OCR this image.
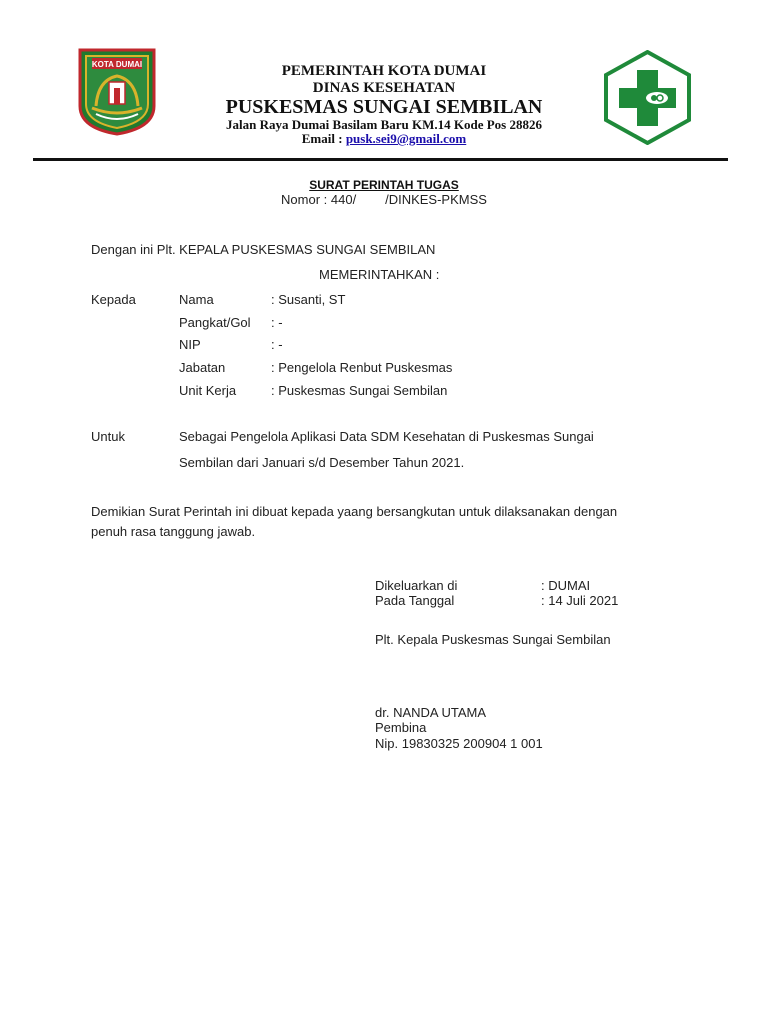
KOTA DUMAI	PEMERINTAH KOTA DUMAI
DINAS KESEHATAN
PUSKESMAS SUNGAI SEMBILAN
Jalan Raya Dumai Basilam Baru KM.14 Kode Pos 28826
Email : pusk.sei9@gmail.com
SURAT PERINTAH TUGAS
Nomor : 440/        /DINKES-PKMSS
Dengan ini Plt. KEPALA PUSKESMAS SUNGAI SEMBILAN
MEMERINTAHKAN :
Kepada	Nama	: Susanti, ST
Pangkat/Gol : -
NIP	: -
Jabatan	: Pengelola Renbut Puskesmas
Unit Kerja	: Puskesmas Sungai Sembilan
Untuk	Sebagai Pengelola Aplikasi Data SDM Kesehatan di Puskesmas Sungai
Sembilan dari Januari s/d Desember Tahun 2021.
Demikian Surat Perintah ini dibuat kepada yaang bersangkutan untuk dilaksanakan dengan
penuh rasa tanggung jawab.
Dikeluarkan di	: DUMAI
Pada Tanggal	: 14 Juli 2021
Plt. Kepala Puskesmas Sungai Sembilan
dr. NANDA UTAMA
Pembina
Nip. 19830325 200904 1 001
